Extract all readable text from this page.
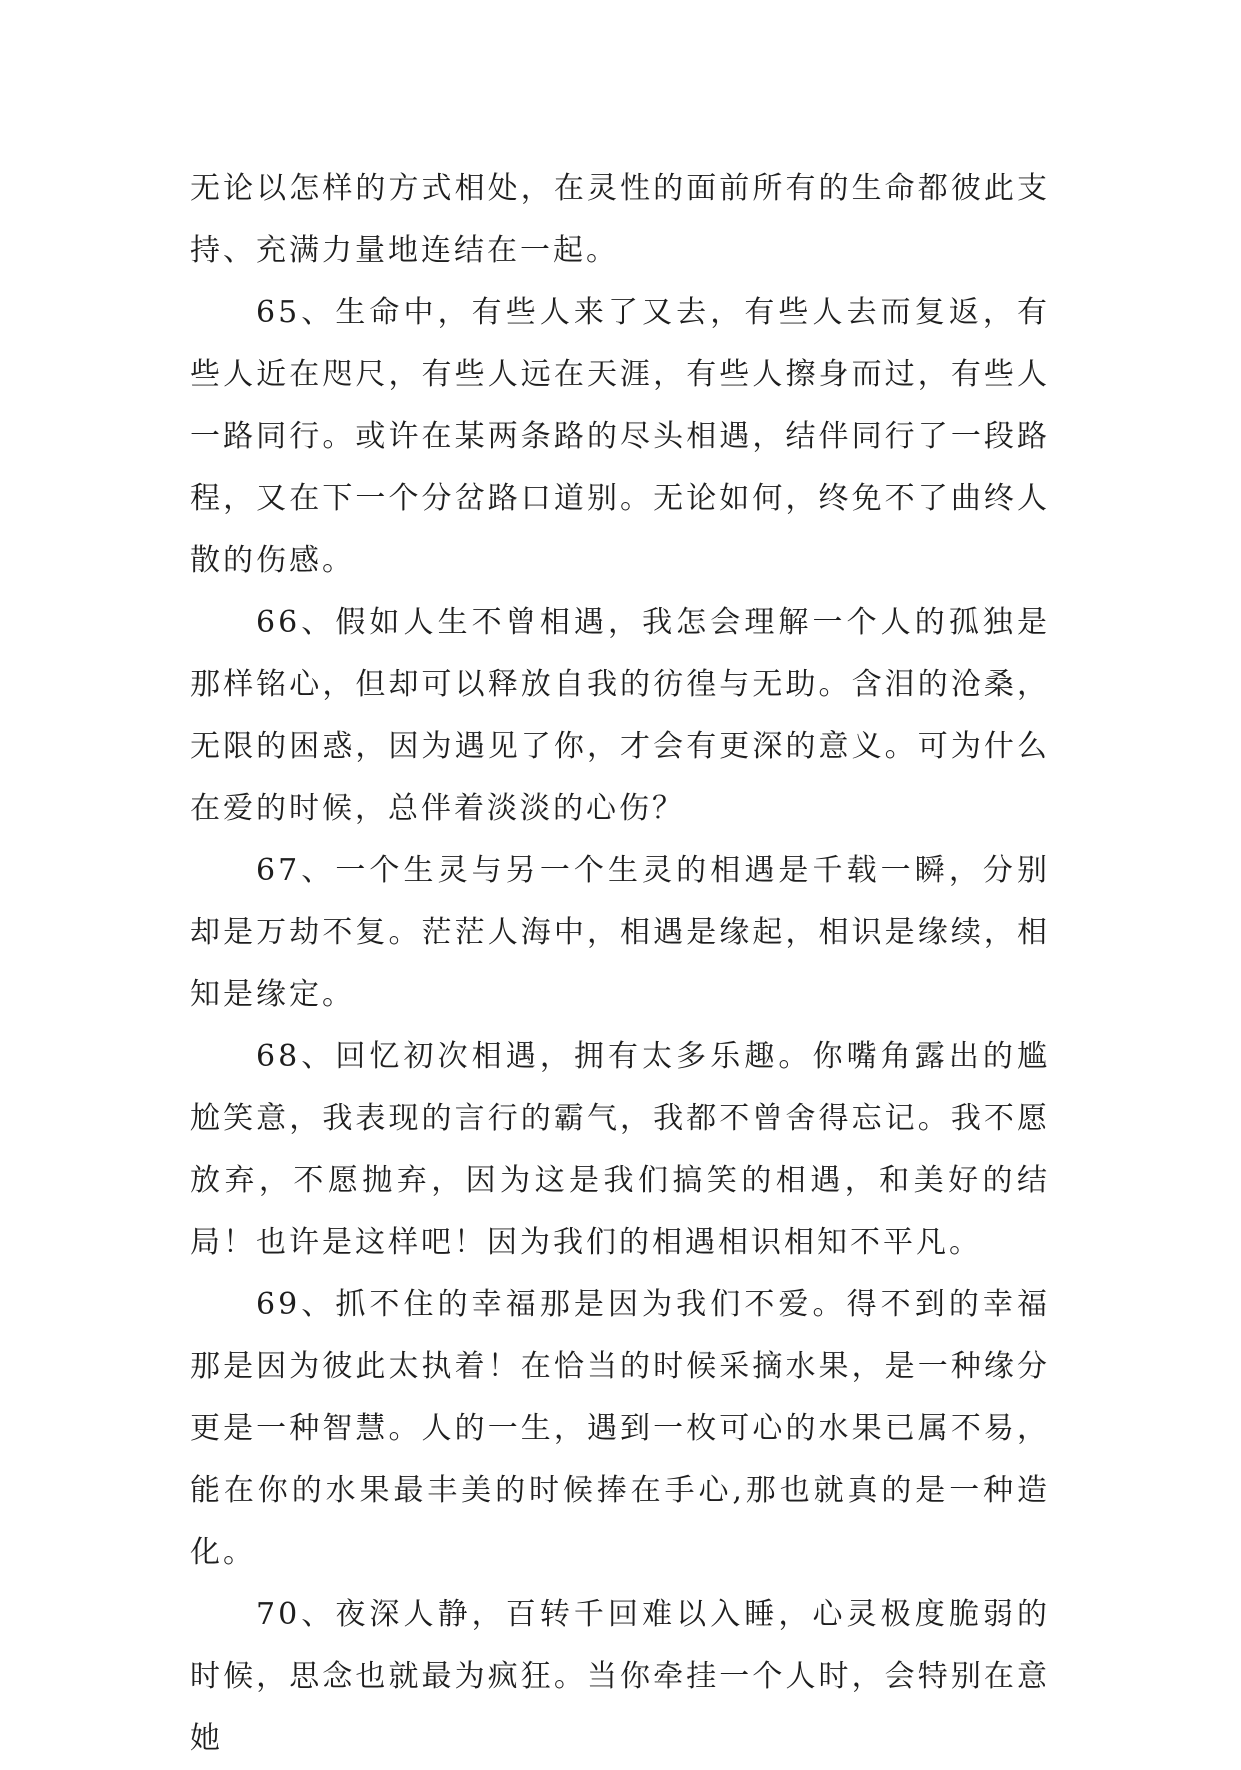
无论以怎样的方式相处，在灵性的面前所有的生命都彼此支持、充满力量地连结在一起。

65、生命中，有些人来了又去，有些人去而复返，有些人近在咫尺，有些人远在天涯，有些人擦身而过，有些人一路同行。或许在某两条路的尽头相遇，结伴同行了一段路程，又在下一个分岔路口道别。无论如何，终免不了曲终人散的伤感。

66、假如人生不曾相遇，我怎会理解一个人的孤独是那样铭心，但却可以释放自我的彷徨与无助。含泪的沧桑，无限的困惑，因为遇见了你，才会有更深的意义。可为什么在爱的时候，总伴着淡淡的心伤？

67、一个生灵与另一个生灵的相遇是千载一瞬，分别却是万劫不复。茫茫人海中，相遇是缘起，相识是缘续，相知是缘定。

68、回忆初次相遇，拥有太多乐趣。你嘴角露出的尴尬笑意，我表现的言行的霸气，我都不曾舍得忘记。我不愿放弃，不愿抛弃，因为这是我们搞笑的相遇，和美好的结局！也许是这样吧！因为我们的相遇相识相知不平凡。

69、抓不住的幸福那是因为我们不爱。得不到的幸福那是因为彼此太执着！在恰当的时候采摘水果，是一种缘分更是一种智慧。人的一生，遇到一枚可心的水果已属不易，能在你的水果最丰美的时候捧在手心,那也就真的是一种造化。

70、夜深人静，百转千回难以入睡，心灵极度脆弱的时候，思念也就最为疯狂。当你牵挂一个人时，会特别在意她
